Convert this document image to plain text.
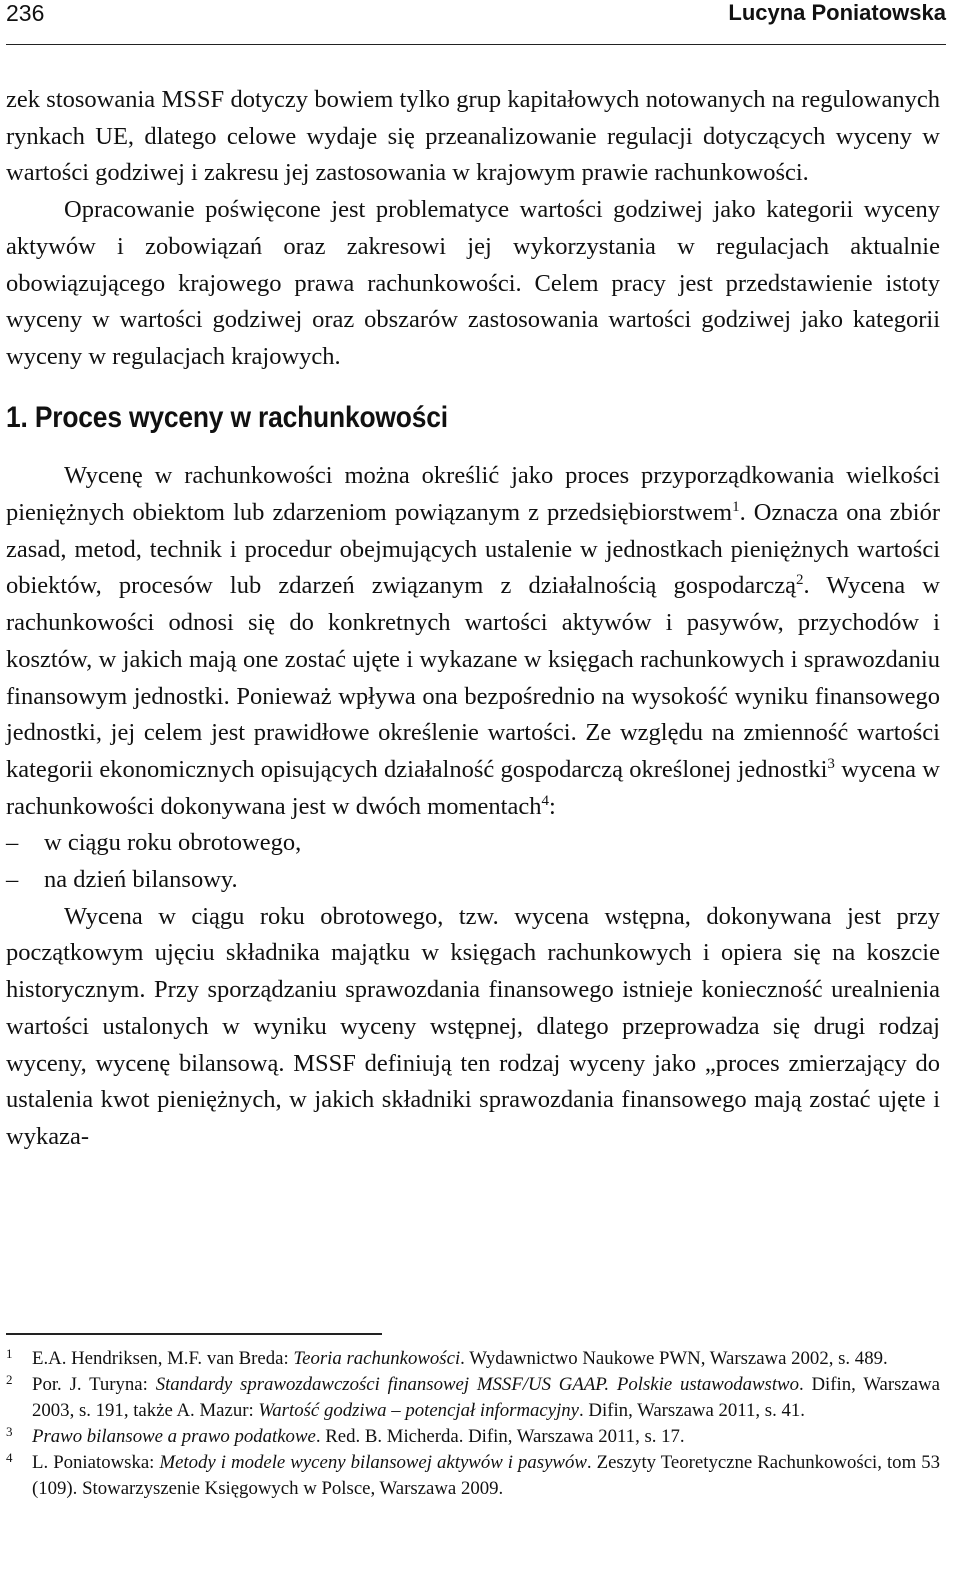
236	Lucyna Poniatowska

zek stosowania MSSF dotyczy bowiem tylko grup kapitałowych notowanych na regulowanych rynkach UE, dlatego celowe wydaje się przeanalizowanie regulacji dotyczących wyceny w wartości godziwej i zakresu jej zastosowania w krajowym prawie rachunkowości.

Opracowanie poświęcone jest problematyce wartości godziwej jako kategorii wyceny aktywów i zobowiązań oraz zakresowi jej wykorzystania w regulacjach aktualnie obowiązującego krajowego prawa rachunkowości. Celem pracy jest przedstawienie istoty wyceny w wartości godziwej oraz obszarów zastosowania wartości godziwej jako kategorii wyceny w regulacjach krajowych.

1. Proces wyceny w rachunkowości

Wycenę w rachunkowości można określić jako proces przyporządkowania wielkości pieniężnych obiektom lub zdarzeniom powiązanym z przedsiębiorstwem$^1$. Oznacza ona zbiór zasad, metod, technik i procedur obejmujących ustalenie w jednostkach pieniężnych wartości obiektów, procesów lub zdarzeń związanym z działalnością gospodarczą$^2$. Wycena w rachunkowości odnosi się do konkretnych wartości aktywów i pasywów, przychodów i kosztów, w jakich mają one zostać ujęte i wykazane w księgach rachunkowych i sprawozdaniu finansowym jednostki. Ponieważ wpływa ona bezpośrednio na wysokość wyniku finansowego jednostki, jej celem jest prawidłowe określenie wartości. Ze względu na zmienność wartości kategorii ekonomicznych opisujących działalność gospodarczą określonej jednostki$^3$ wycena w rachunkowości dokonywana jest w dwóch momentach$^4$:

–	w ciągu roku obrotowego,
–	na dzień bilansowy.

Wycena w ciągu roku obrotowego, tzw. wycena wstępna, dokonywana jest przy początkowym ujęciu składnika majątku w księgach rachunkowych i opiera się na koszcie historycznym. Przy sporządzaniu sprawozdania finansowego istnieje konieczność urealnienia wartości ustalonych w wyniku wyceny wstępnej, dlatego przeprowadza się drugi rodzaj wyceny, wycenę bilansową. MSSF definiują ten rodzaj wyceny jako „proces zmierzający do ustalenia kwot pieniężnych, w jakich składniki sprawozdania finansowego mają zostać ujęte i wykaza-

1	E.A. Hendriksen, M.F. van Breda: Teoria rachunkowości. Wydawnictwo Naukowe PWN, Warszawa 2002, s. 489.
2	Por. J. Turyna: Standardy sprawozdawczości finansowej MSSF/US GAAP. Polskie ustawodawstwo. Difin, Warszawa 2003, s. 191, także A. Mazur: Wartość godziwa – potencjał informacyjny. Difin, Warszawa 2011, s. 41.
3	Prawo bilansowe a prawo podatkowe. Red. B. Micherda. Difin, Warszawa 2011, s. 17.
4	L. Poniatowska: Metody i modele wyceny bilansowej aktywów i pasywów. Zeszyty Teoretyczne Rachunkowości, tom 53 (109). Stowarzyszenie Księgowych w Polsce, Warszawa 2009.
